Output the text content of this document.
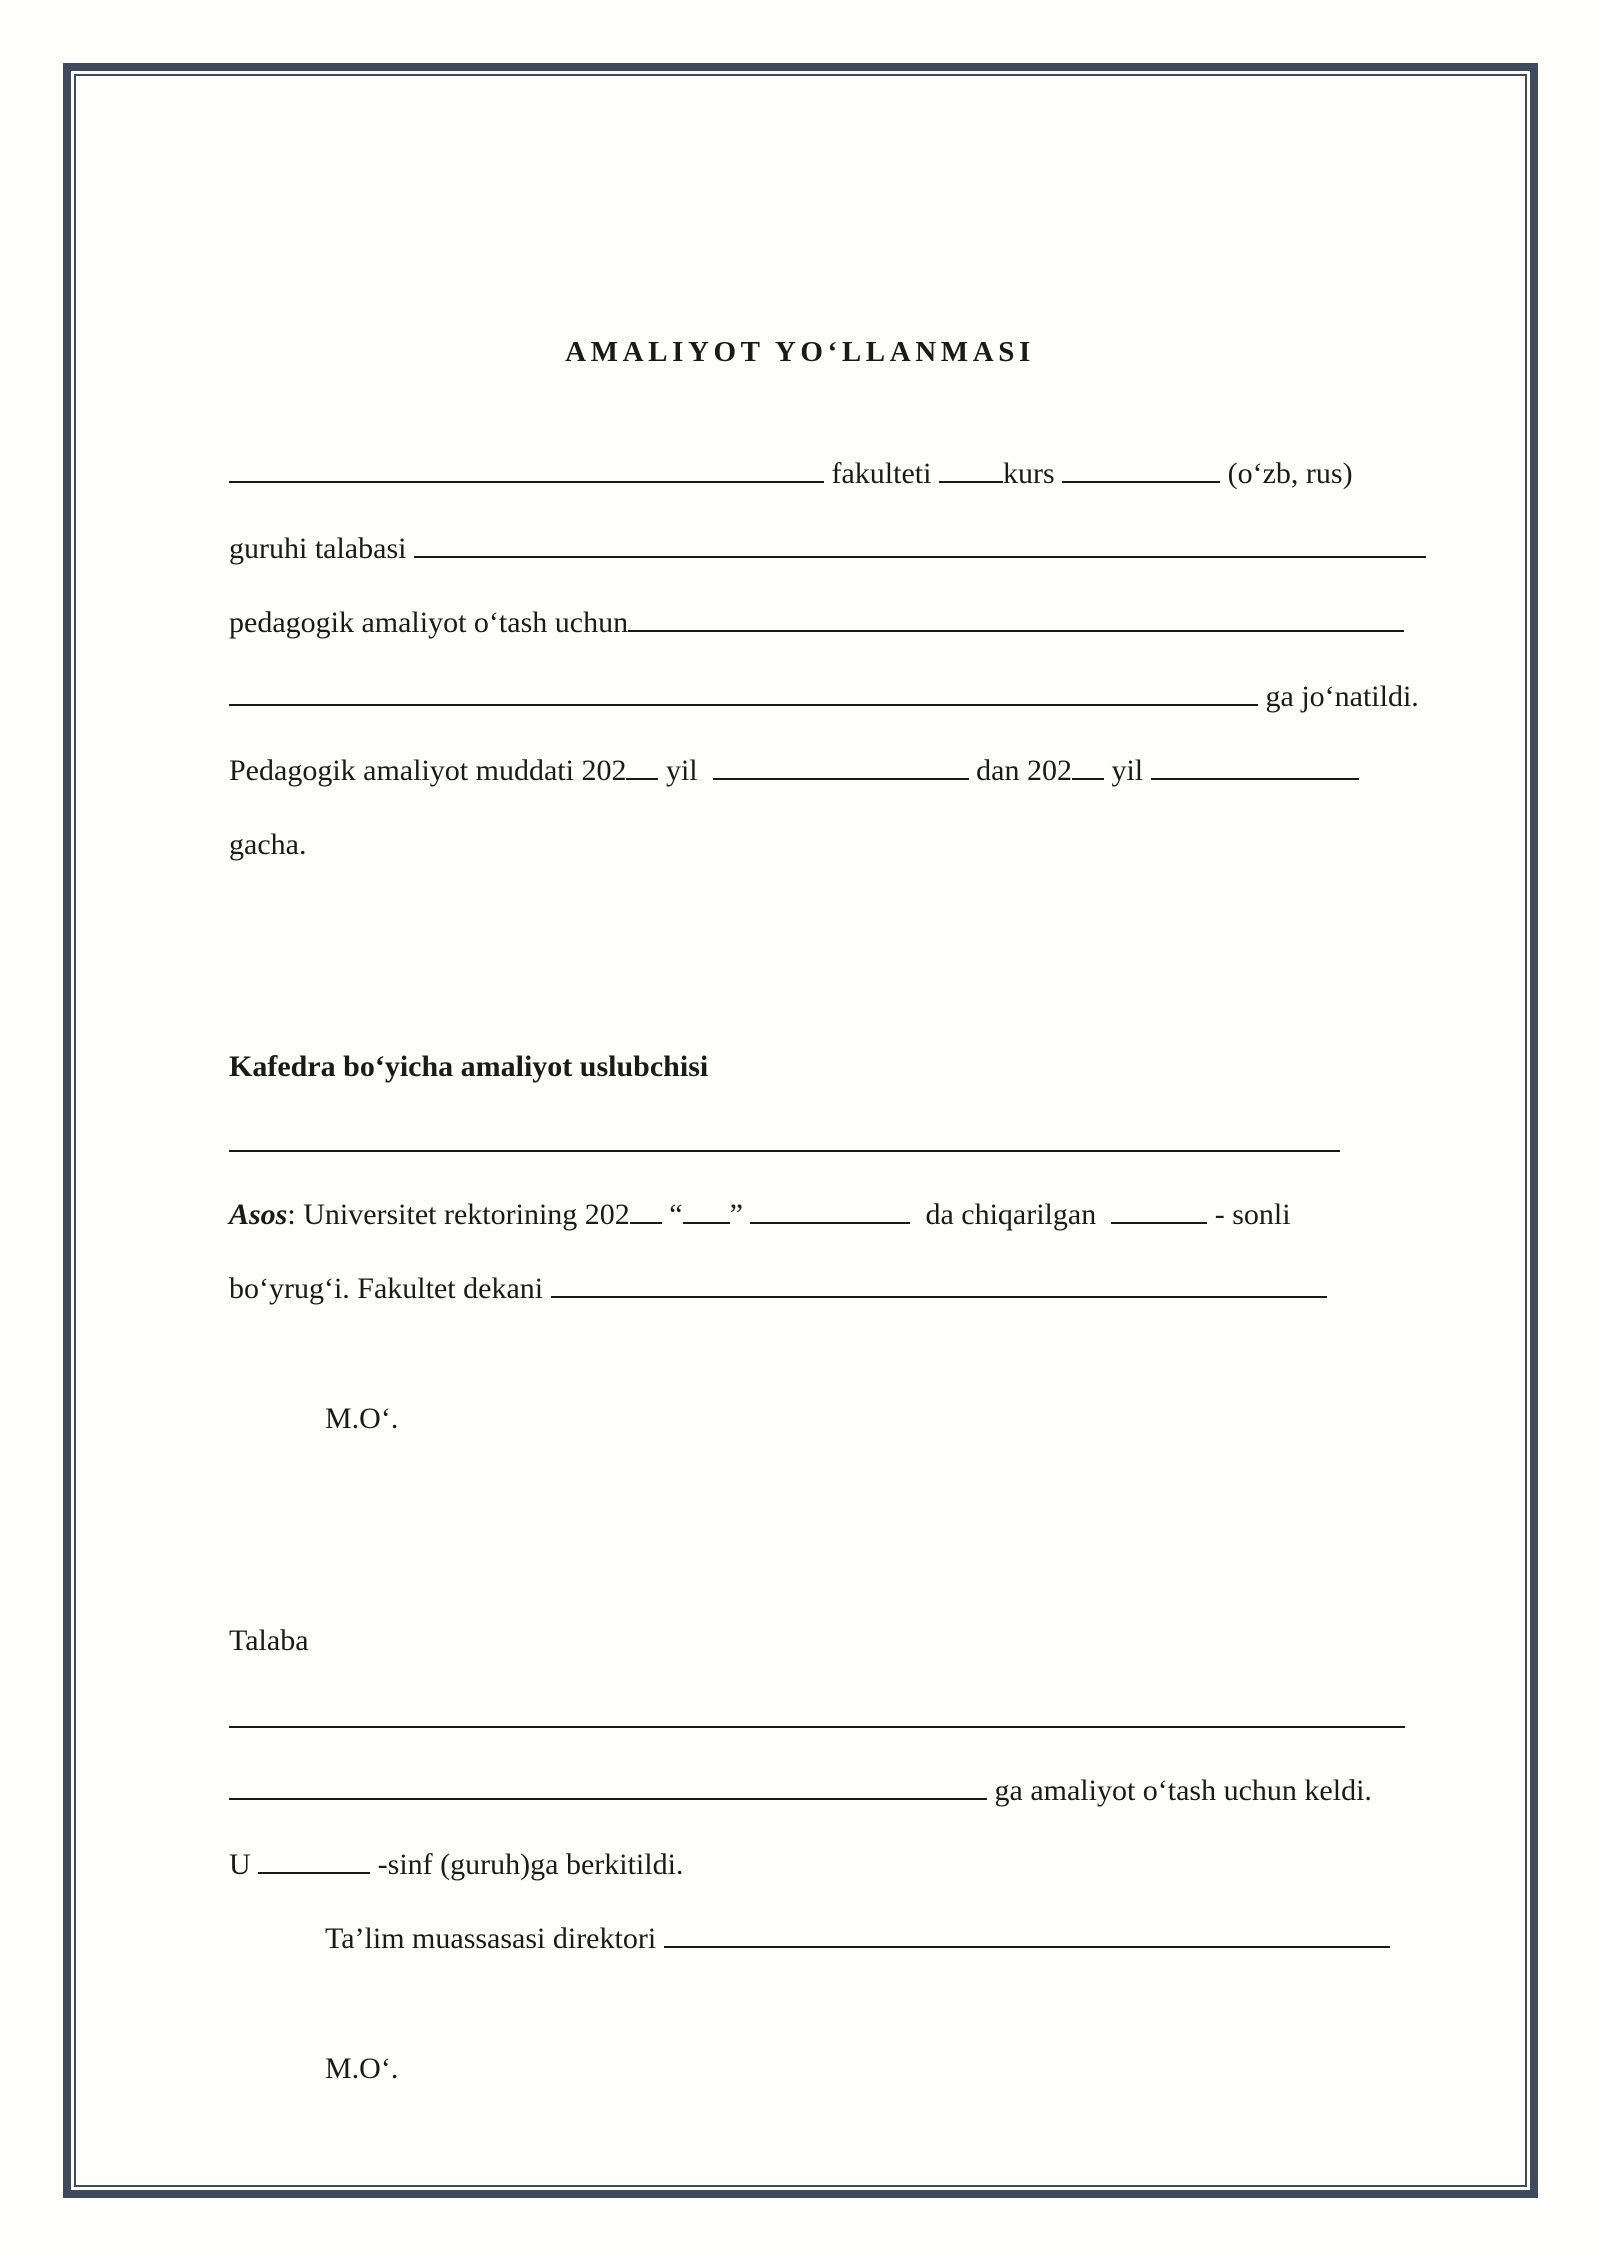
AMALIYOT YO‘LLANMASI
fakulteti kurs	(o‘zb, rus)
guruhi talabasi
pedagogik amaliyot o‘tash uchun
ga jo‘natildi.
Pedagogik amaliyot muddati 202 yil	dan 202 yil
gacha.
Kafedra bo‘yicha amaliyot uslubchisi
Asos: Universitet rektorining 202 “ ”	da chiqarilgan	- sonli
bo‘yrug‘i. Fakultet dekani
M.O‘.
Talaba
ga amaliyot o‘tash uchun keldi.
U	-sinf (guruh)ga berkitildi.
Ta’lim muassasasi direktori
M.O‘.
